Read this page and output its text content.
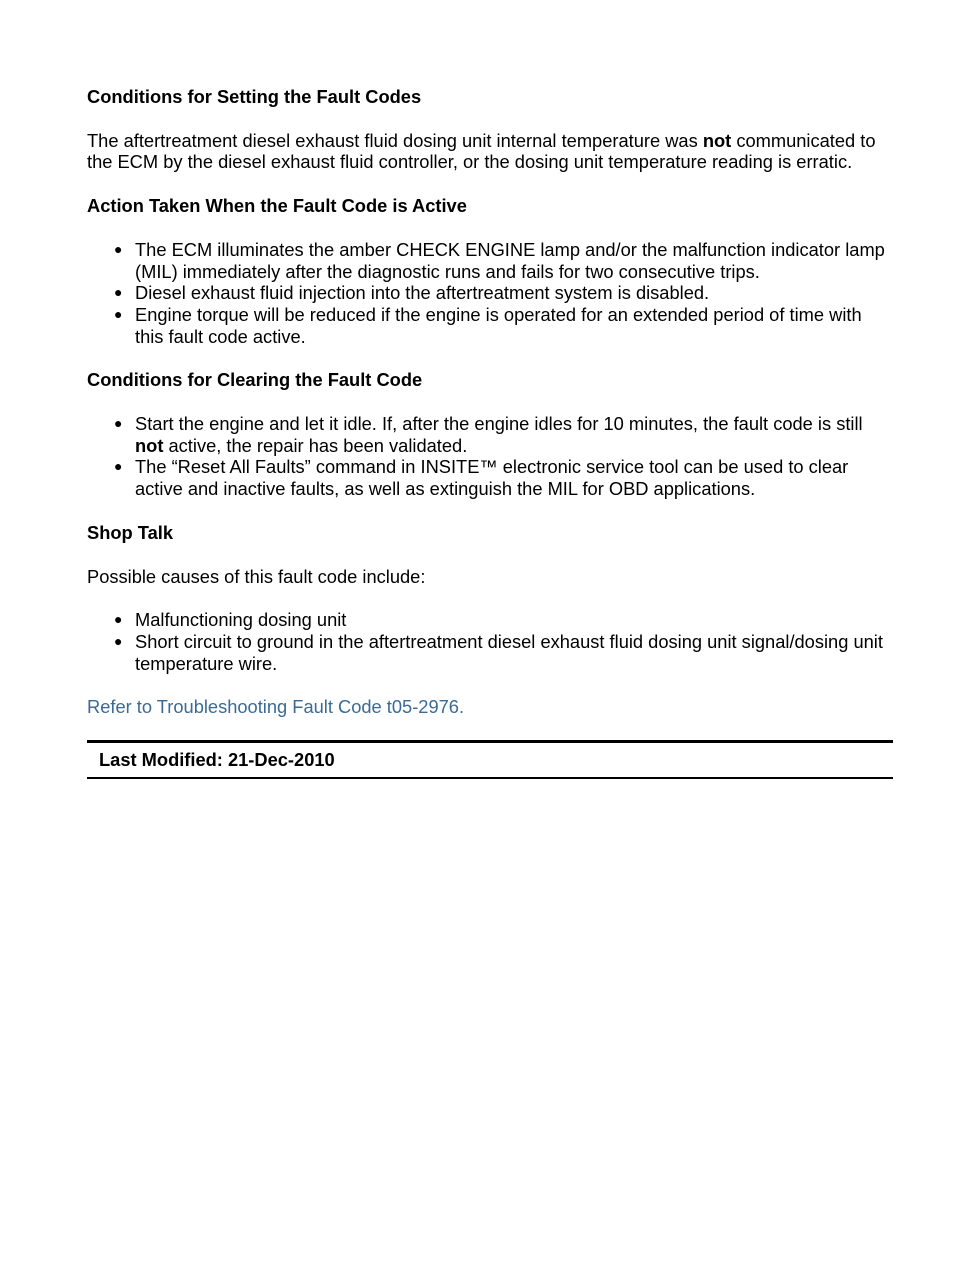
Conditions for Setting the Fault Codes

The aftertreatment diesel exhaust fluid dosing unit internal temperature was not communicated to the ECM by the diesel exhaust fluid controller, or the dosing unit temperature reading is erratic.

Action Taken When the Fault Code is Active
● The ECM illuminates the amber CHECK ENGINE lamp and/or the malfunction indicator lamp (MIL) immediately after the diagnostic runs and fails for two consecutive trips.
● Diesel exhaust fluid injection into the aftertreatment system is disabled.
● Engine torque will be reduced if the engine is operated for an extended period of time with this fault code active.
Conditions for Clearing the Fault Code
● Start the engine and let it idle. If, after the engine idles for 10 minutes, the fault code is still not active, the repair has been validated.
● The “Reset All Faults” command in INSITE™ electronic service tool can be used to clear active and inactive faults, as well as extinguish the MIL for OBD applications.
Shop Talk

Possible causes of this fault code include:

● Malfunctioning dosing unit
● Short circuit to ground in the aftertreatment diesel exhaust fluid dosing unit signal/dosing unit temperature wire.
Refer to Troubleshooting Fault Code t05-2976.
Last Modified: 21-Dec-2010
